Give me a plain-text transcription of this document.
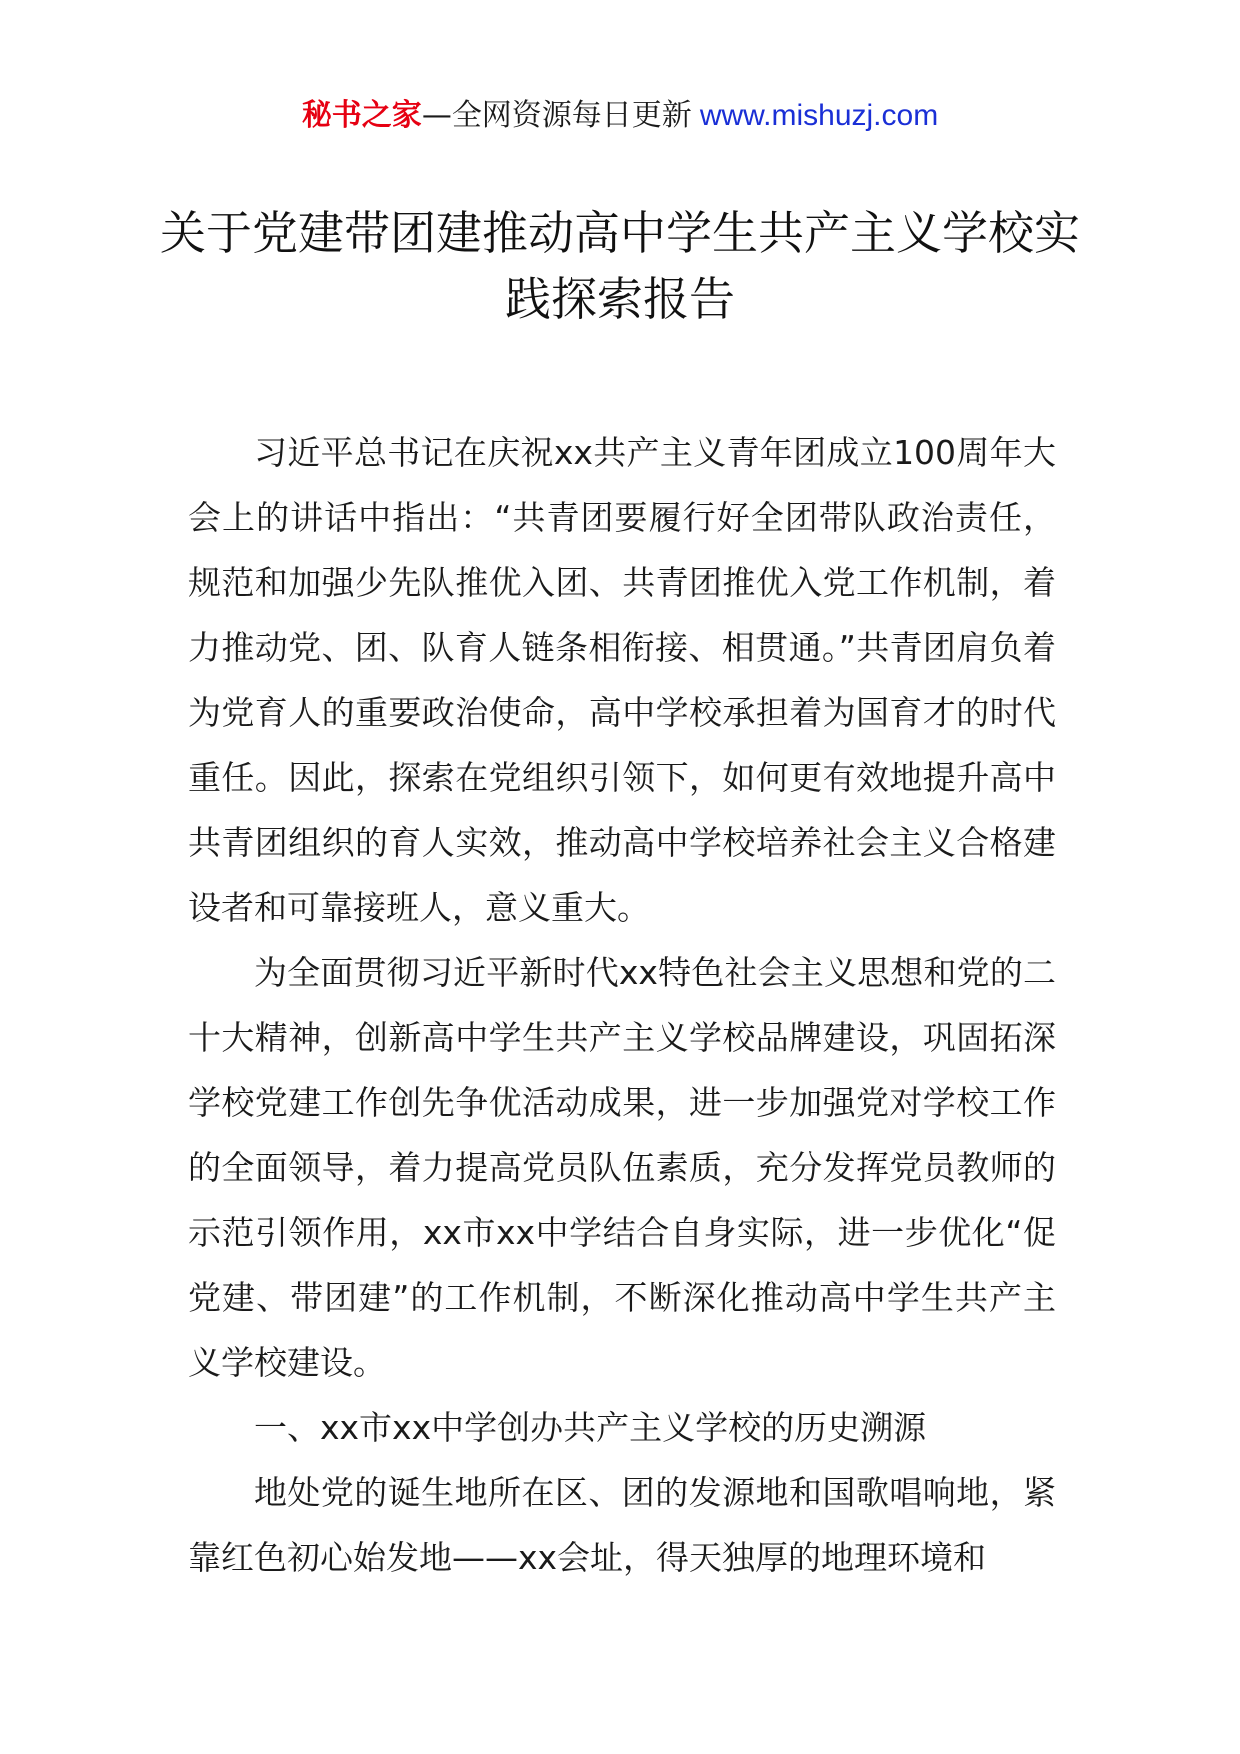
秘书之家—全网资源每日更新 www.mishuzj.com
关于党建带团建推动高中学生共产主义学校实践探索报告

习近平总书记在庆祝xx共产主义青年团成立100周年大会上的讲话中指出：“共青团要履行好全团带队政治责任，规范和加强少先队推优入团、共青团推优入党工作机制，着力推动党、团、队育人链条相衔接、相贯通。”共青团肩负着为党育人的重要政治使命，高中学校承担着为国育才的时代重任。因此，探索在党组织引领下，如何更有效地提升高中共青团组织的育人实效，推动高中学校培养社会主义合格建设者和可靠接班人，意义重大。

为全面贯彻习近平新时代xx特色社会主义思想和党的二十大精神，创新高中学生共产主义学校品牌建设，巩固拓深学校党建工作创先争优活动成果，进一步加强党对学校工作的全面领导，着力提高党员队伍素质，充分发挥党员教师的示范引领作用，xx市xx中学结合自身实际，进一步优化“促党建、带团建”的工作机制，不断深化推动高中学生共产主义学校建设。

一、xx市xx中学创办共产主义学校的历史溯源

地处党的诞生地所在区、团的发源地和国歌唱响地，紧靠红色初心始发地——xx会址，得天独厚的地理环境和
